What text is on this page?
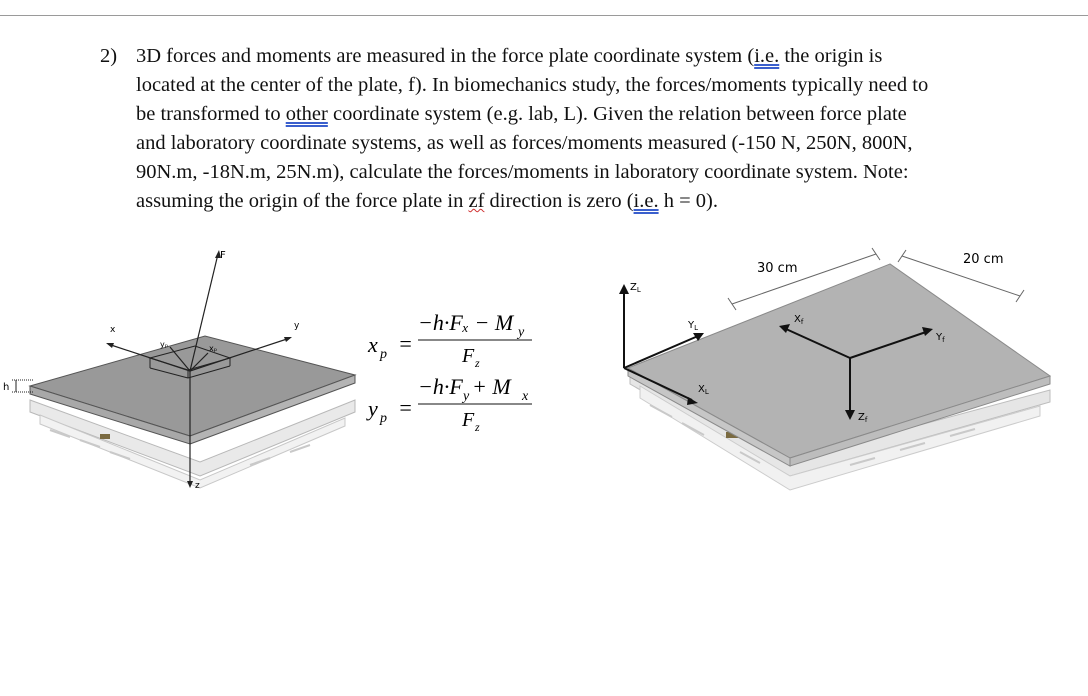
2) 3D forces and moments are measured in the force plate coordinate system (i.e. the origin is
located at the center of the plate, f). In biomechanics study, the forces/moments typically need to
be transformed to other coordinate system (e.g. lab, L). Given the relation between force plate
and laboratory coordinate systems, as well as forces/moments measured (-150 N, 250N, 800N,
90N.m, -18N.m, 25N.m), calculate the forces/moments in laboratory coordinate system. Note:
assuming the origin of the force plate in zf direction is zero (i.e. h = 0).
h
x	y
z
F
yₚ	xₚ	x p =
−h·Fₓ − M y
F z
y p =
−h·F y + M x
F z
30 cm
20 cm
$Z_L$
$Y_L$
$X_L$
$X_f$
$Y_f$
$Z_f$
